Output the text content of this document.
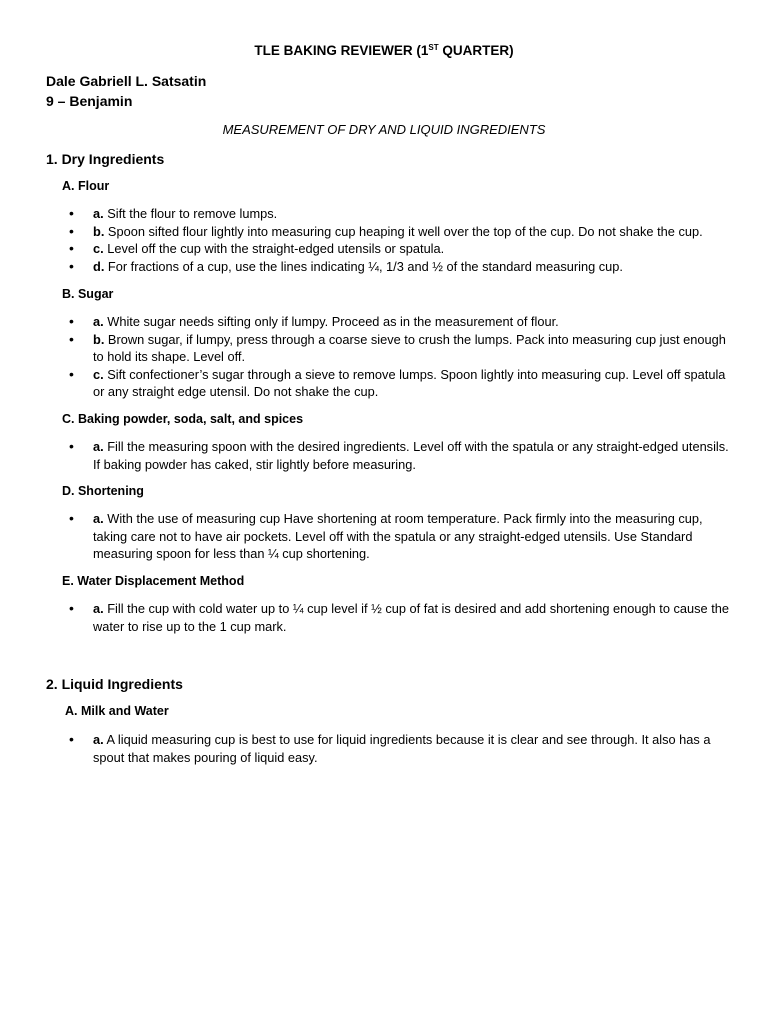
TLE BAKING REVIEWER (1ST QUARTER)
Dale Gabriell L. Satsatin
9 – Benjamin
MEASUREMENT OF DRY AND LIQUID INGREDIENTS
1. Dry Ingredients
A. Flour
• a. Sift the flour to remove lumps.
• b. Spoon sifted flour lightly into measuring cup heaping it well over the top of the cup. Do not shake the cup.
• c. Level off the cup with the straight-edged utensils or spatula.
• d. For fractions of a cup, use the lines indicating ¼, 1/3 and ½ of the standard measuring cup.
B. Sugar
• a. White sugar needs sifting only if lumpy. Proceed as in the measurement of flour.
• b. Brown sugar, if lumpy, press through a coarse sieve to crush the lumps. Pack into measuring cup just enough to hold its shape. Level off.
• c. Sift confectioner’s sugar through a sieve to remove lumps. Spoon lightly into measuring cup. Level off spatula or any straight edge utensil. Do not shake the cup.
C. Baking powder, soda, salt, and spices
• a. Fill the measuring spoon with the desired ingredients. Level off with the spatula or any straight-edged utensils. If baking powder has caked, stir lightly before measuring.
D. Shortening
• a. With the use of measuring cup Have shortening at room temperature. Pack firmly into the measuring cup, taking care not to have air pockets. Level off with the spatula or any straight-edged utensils. Use Standard measuring spoon for less than ¼ cup shortening.
E. Water Displacement Method
• a. Fill the cup with cold water up to ¼ cup level if ½ cup of fat is desired and add shortening enough to cause the water to rise up to the 1 cup mark.
2. Liquid Ingredients
A. Milk and Water
• a. A liquid measuring cup is best to use for liquid ingredients because it is clear and see through. It also has a spout that makes pouring of liquid easy.
